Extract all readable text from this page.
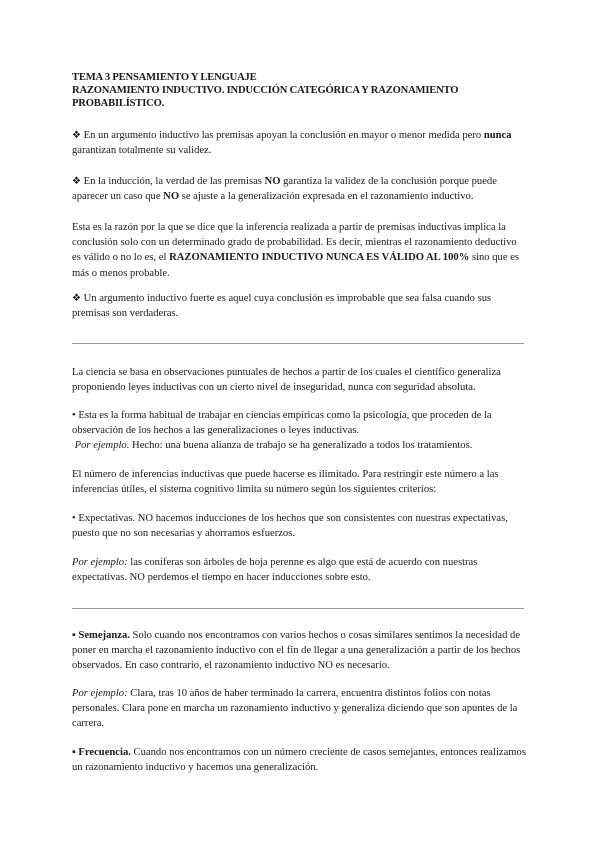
TEMA 3 PENSAMIENTO Y LENGUAJE
RAZONAMIENTO INDUCTIVO. INDUCCIÓN CATEGÓRICA Y RAZONAMIENTO PROBABILÍSTICO.
❖ En un argumento inductivo las premisas apoyan la conclusión en mayor o menor medida pero nunca garantizan totalmente su validez.
❖ En la inducción, la verdad de las premisas NO garantiza la validez de la conclusión porque puede aparecer un caso que NO se ajuste a la generalización expresada en el razonamiento inductivo.
Esta es la razón por la que se dice que la inferencia realizada a partir de premisas inductivas implica la conclusión solo con un determinado grado de probabilidad. Es decir, mientras el razonamiento deductivo es válido o no lo es, el RAZONAMIENTO INDUCTIVO NUNCA ES VÁLIDO AL 100% sino que es más o menos probable.
❖ Un argumento inductivo fuerte es aquel cuya conclusión es improbable que sea falsa cuando sus premisas son verdaderas.
La ciencia se basa en observaciones puntuales de hechos a partir de los cuales el científico generaliza proponiendo leyes inductivas con un cierto nivel de inseguridad, nunca con seguridad absoluta.
• Esta es la forma habitual de trabajar en ciencias empíricas como la psicología, que proceden de la observación de los hechos a las generalizaciones o leyes inductivas.
Por ejemplo. Hecho: una buena alianza de trabajo se ha generalizado a todos los tratamientos.
El número de inferencias inductivas que puede hacerse es ilimitado. Para restringir este número a las inferencias útiles, el sistema cognitivo limita su número según los siguientes criterios:
• Expectativas. NO hacemos inducciones de los hechos que son consistentes con nuestras expectativas, puesto que no son necesarias y ahorramos esfuerzos.
Por ejemplo: las coníferas son árboles de hoja perenne es algo que está de acuerdo con nuestras expectativas. NO perdemos el tiempo en hacer inducciones sobre esto.
▪ Semejanza. Solo cuando nos encontramos con varios hechos o cosas similares sentimos la necesidad de poner en marcha el razonamiento inductivo con el fin de llegar a una generalización a partir de los hechos observados. En caso contrario, el razonamiento inductivo NO es necesario.
Por ejemplo: Clara, tras 10 años de haber terminado la carrera, encuentra distintos folios con notas personales. Clara pone en marcha un razonamiento inductivo y generaliza diciendo que son apuntes de la carrera.
▪ Frecuencia. Cuando nos encontramos con un número creciente de casos semejantes, entonces realizamos un razonamiento inductivo y hacemos una generalización.
